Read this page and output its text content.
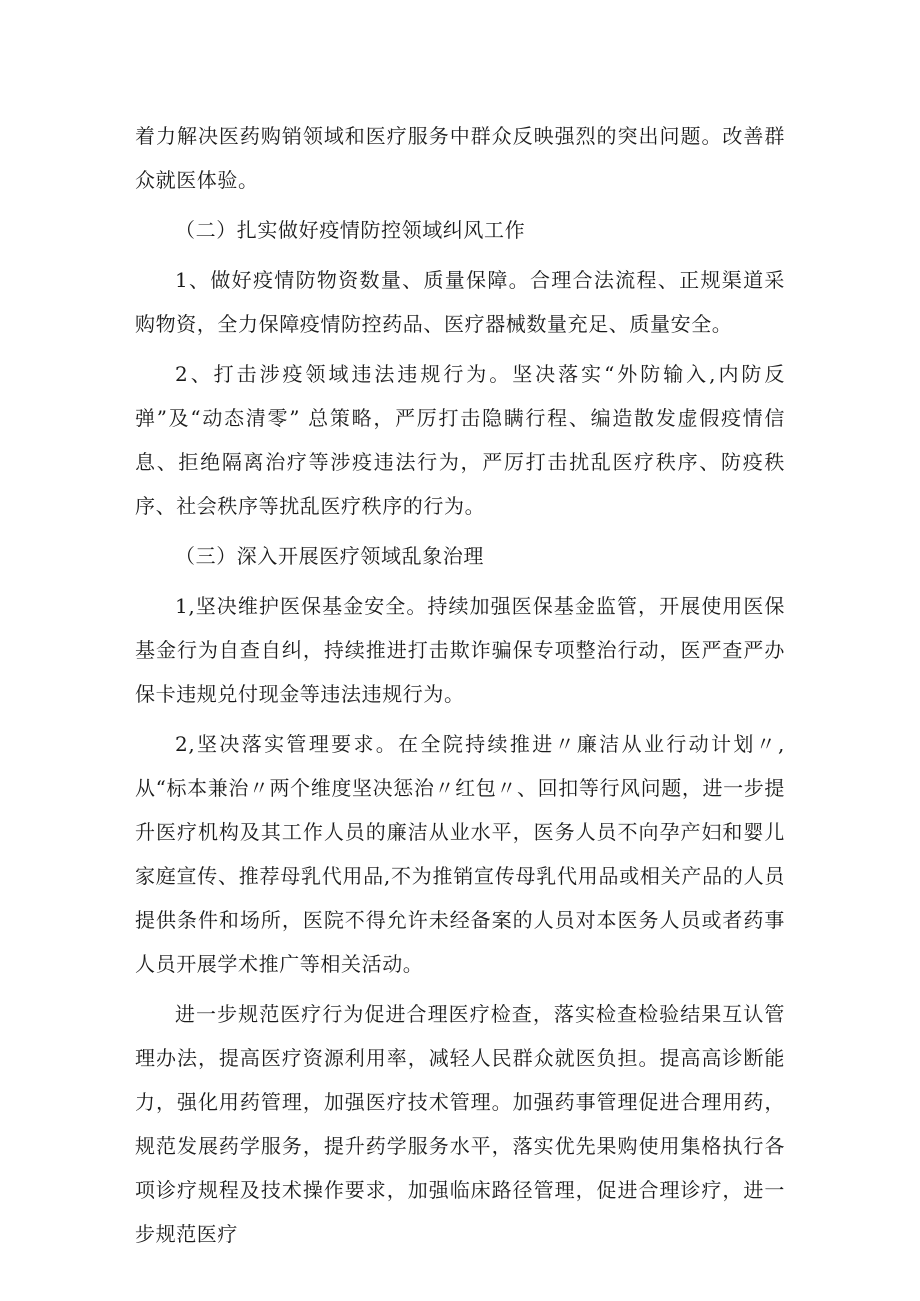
着力解决医药购销领域和医疗服务中群众反映强烈的突出问题。改善群众就医体验。

（二）扎实做好疫情防控领域纠风工作

1、做好疫情防物资数量、质量保障。合理合法流程、正规渠道采购物资，全力保障疫情防控药品、医疗器械数量充足、质量安全。

2、打击涉疫领域违法违规行为。坚决落实“外防输入,内防反弹”及“动态清零” 总策略，严厉打击隐瞒行程、编造散发虚假疫情信息、拒绝隔离治疗等涉疫违法行为，严厉打击扰乱医疗秩序、防疫秩序、社会秩序等扰乱医疗秩序的行为。

（三）深入开展医疗领域乱象治理

1,坚决维护医保基金安全。持续加强医保基金监管，开展使用医保基金行为自查自纠，持续推进打击欺诈骗保专项整治行动，医严查严办保卡违规兑付现金等违法违规行为。

2,坚决落实管理要求。在全院持续推进〃廉洁从业行动计划〃,从“标本兼治〃两个维度坚决惩治〃红包〃、回扣等行风问题，进一步提升医疗机构及其工作人员的廉洁从业水平，医务人员不向孕产妇和婴儿家庭宣传、推荐母乳代用品,不为推销宣传母乳代用品或相关产品的人员提供条件和场所，医院不得允许未经备案的人员对本医务人员或者药事人员开展学术推广等相关活动。

进一步规范医疗行为促进合理医疗检查，落实检查检验结果互认管理办法，提高医疗资源利用率，减轻人民群众就医负担。提高高诊断能力，强化用药管理，加强医疗技术管理。加强药事管理促进合理用药，规范发展药学服务，提升药学服务水平，落实优先果购使用集格执行各项诊疗规程及技术操作要求，加强临床路径管理，促进合理诊疗，进一步规范医疗
